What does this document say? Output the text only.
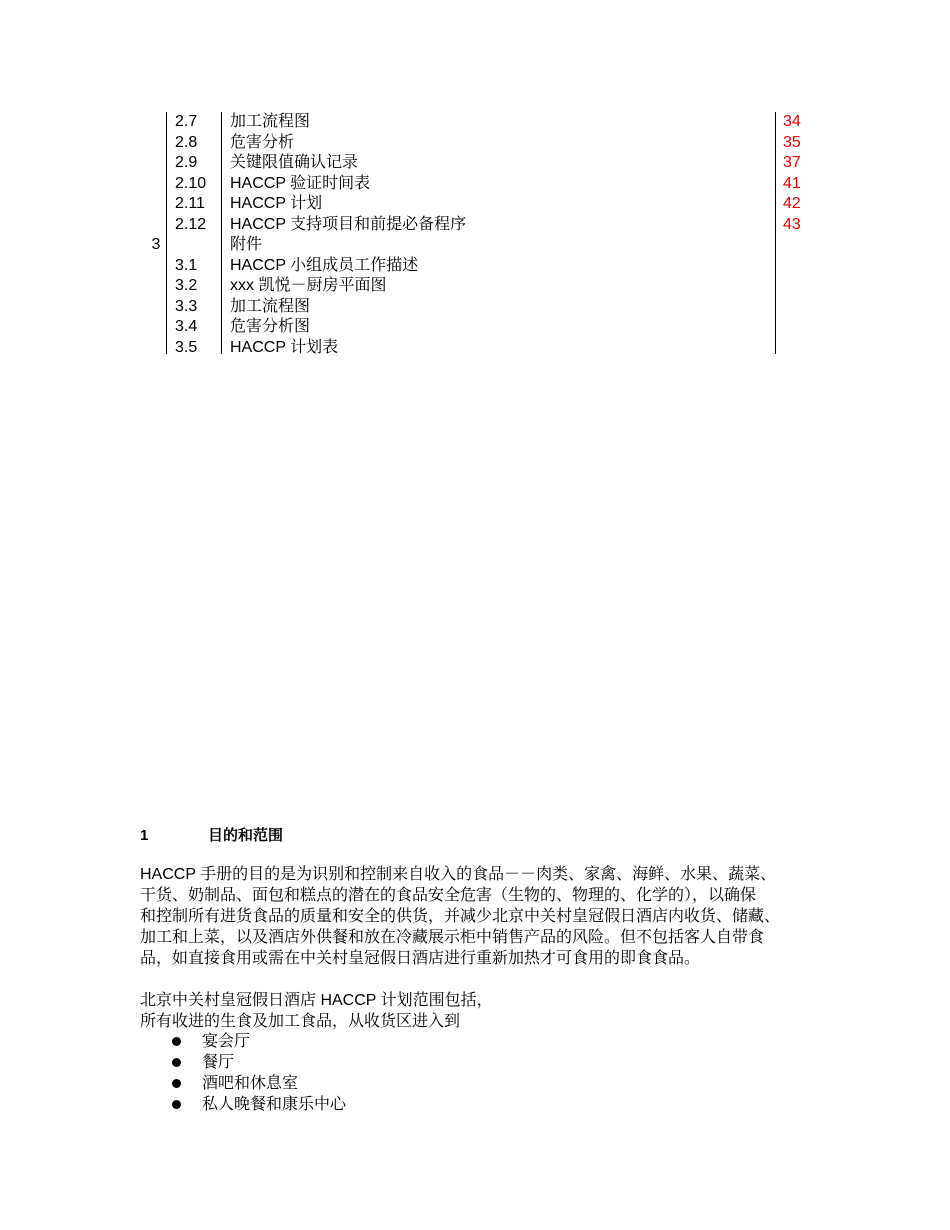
2.7	加工流程图	34
2.8	危害分析	35
2.9	关键限值确认记录	37
2.10	HACCP 验证时间表	41
2.11	HACCP 计划	42
2.12	HACCP 支持项目和前提必备程序	43
3	附件
3.1	HACCP 小组成员工作描述
3.2	xxx 凯悦－厨房平面图
3.3	加工流程图
3.4	危害分析图
3.5	HACCP 计划表
1	目的和范围
HACCP 手册的目的是为识别和控制来自收入的食品－－肉类、家禽、海鲜、水果、蔬菜、
干货、奶制品、面包和糕点的潜在的食品安全危害（生物的、物理的、化学的），以确保
和控制所有进货食品的质量和安全的供货，并减少北京中关村皇冠假日酒店内收货、储藏、
加工和上菜，以及酒店外供餐和放在冷藏展示柜中销售产品的风险。但不包括客人自带食
品，如直接食用或需在中关村皇冠假日酒店进行重新加热才可食用的即食食品。
北京中关村皇冠假日酒店 HACCP 计划范围包括，
所有收进的生食及加工食品，从收货区进入到
宴会厅
餐厅
酒吧和休息室
私人晚餐和康乐中心
